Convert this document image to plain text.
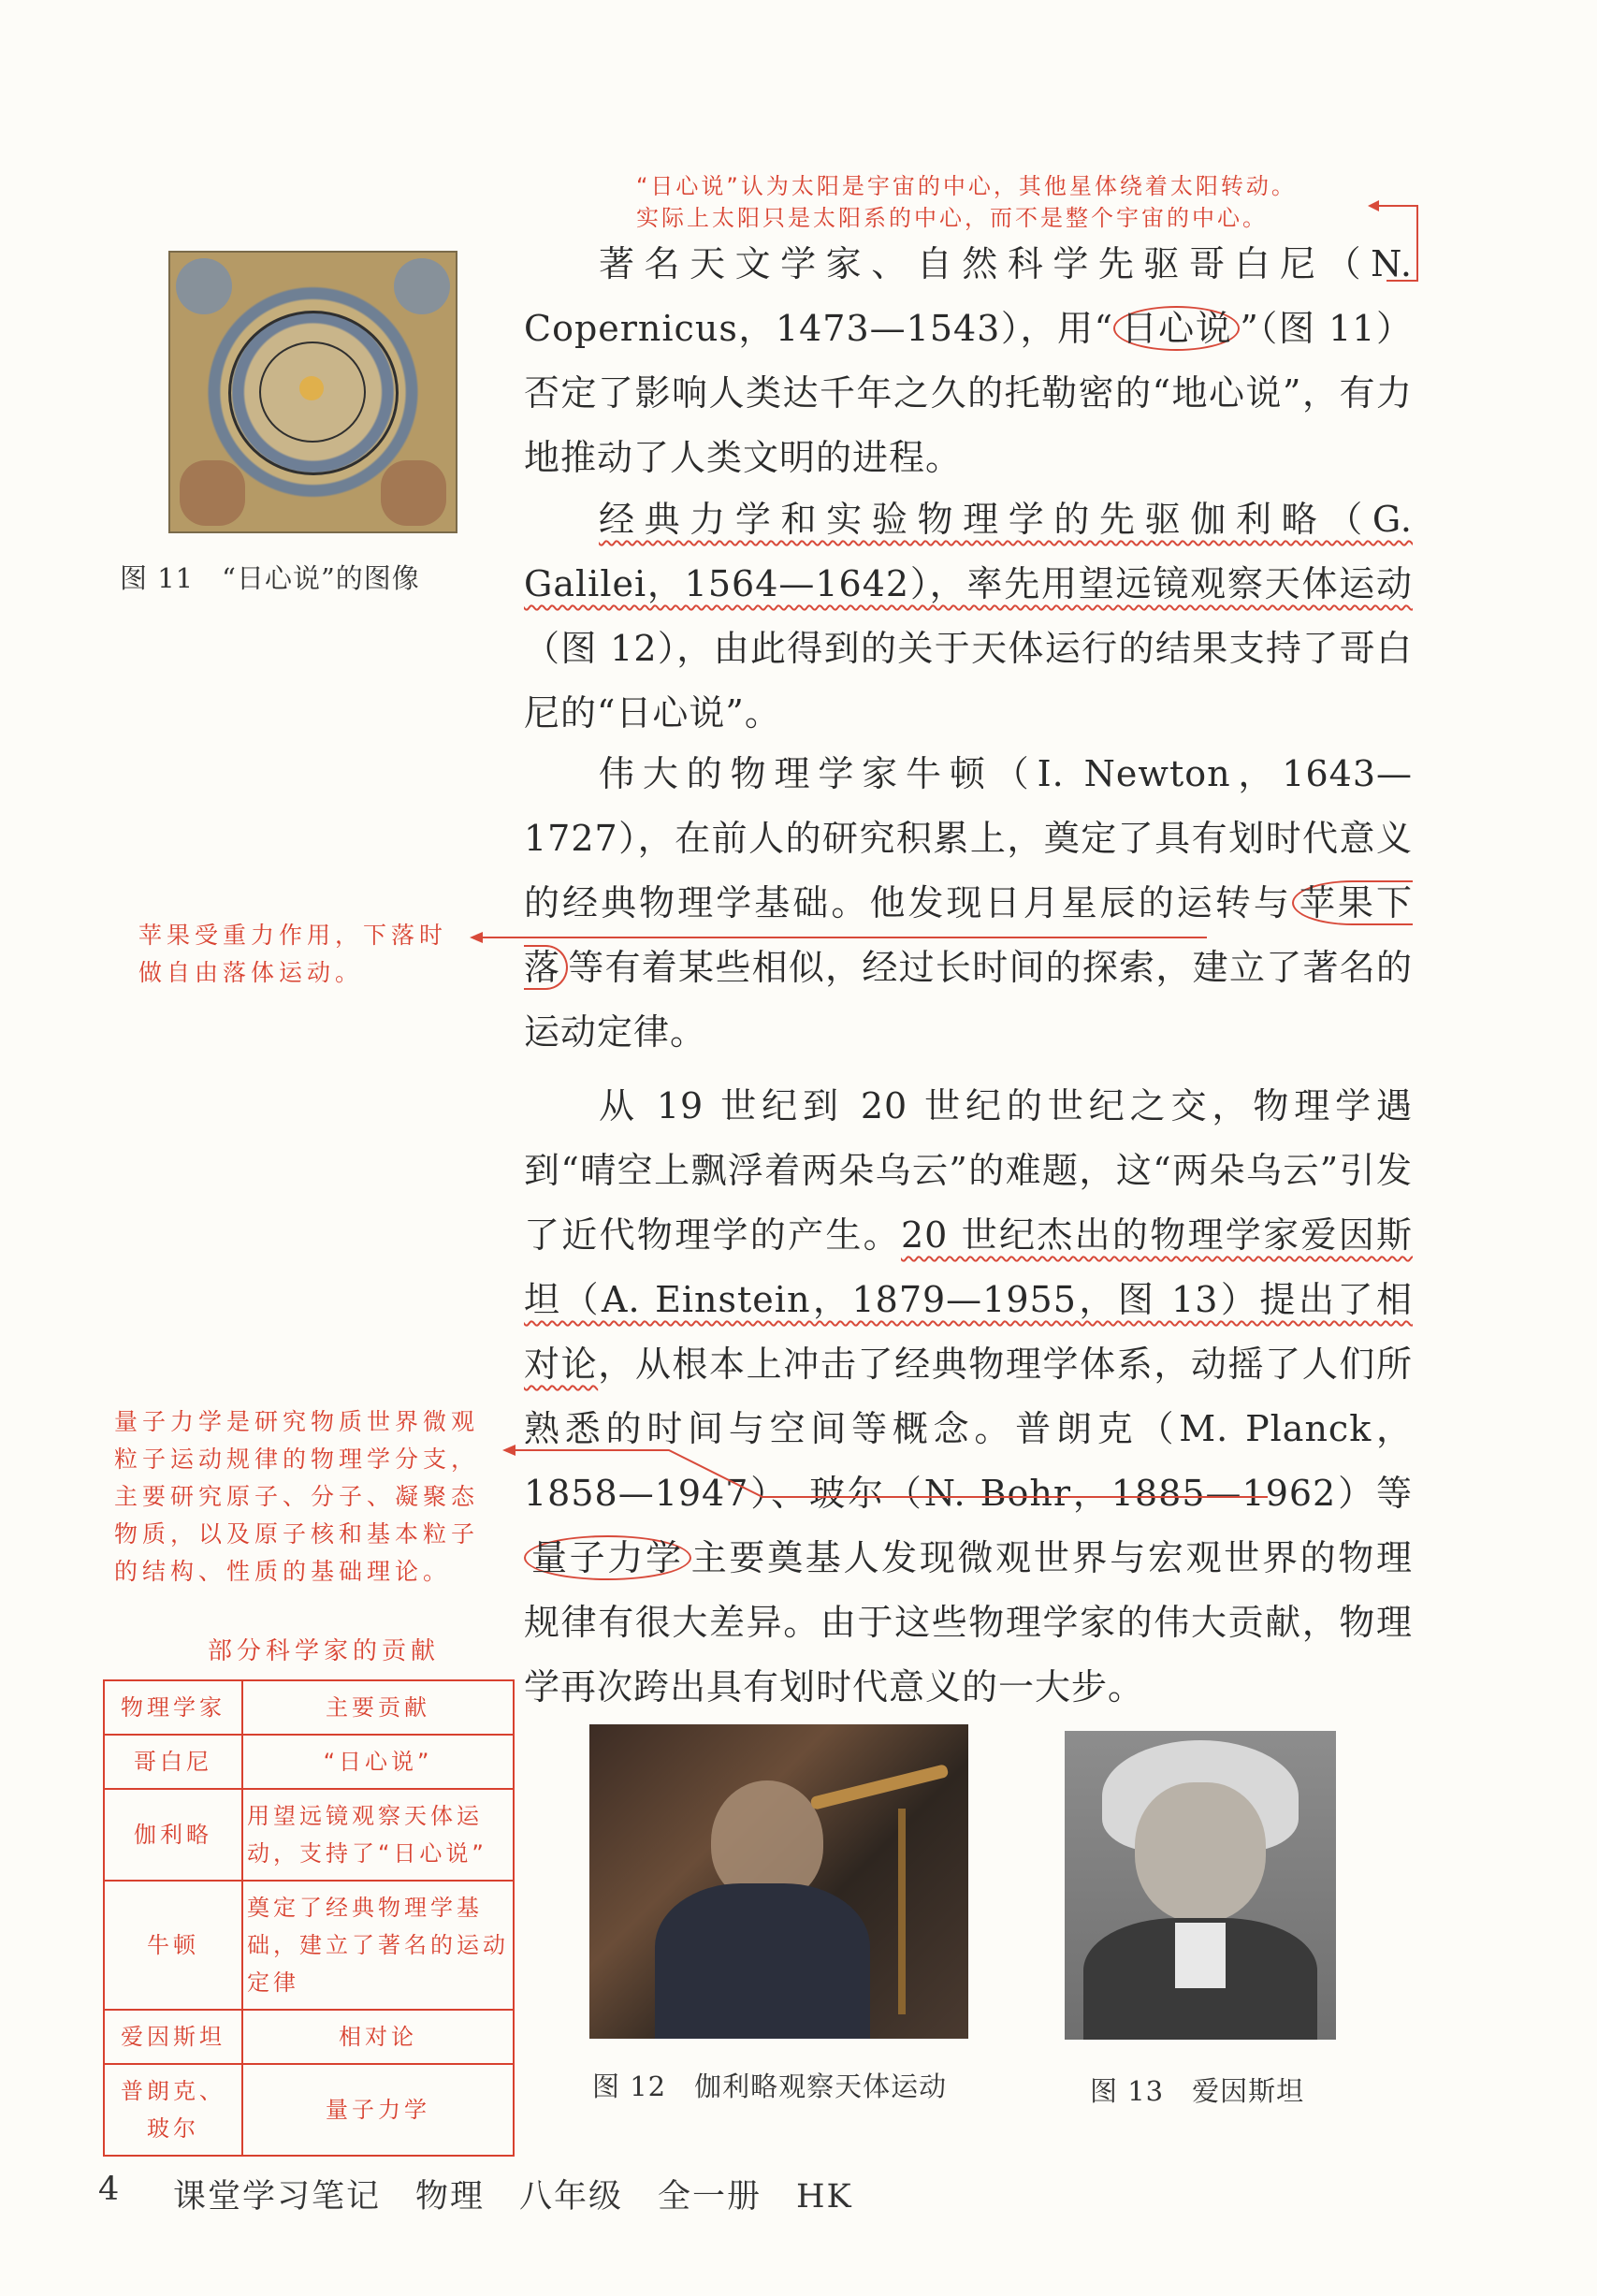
“日心说”认为太阳是宇宙的中心，其他星体绕着太阳转动。
实际上太阳只是太阳系的中心，而不是整个宇宙的中心。

图 11　“日心说”的图像

著名天文学家、自然科学先驱哥白尼（N. Copernicus，1473—1543），用“ 日心说 ”（图 11）否定了影响人类达千年之久的托勒密的“地心说”，有力地推动了人类文明的进程。

经典力学和实验物理学的先驱伽利略（G. Galilei，1564—1642），率先用望远镜观察天体运动（图 12），由此得到的关于天体运行的结果支持了哥白尼的“日心说”。

伟大的物理学家牛顿（I. Newton，1643—1727），在前人的研究积累上，奠定了具有划时代意义的经典物理学基础。他发现日月星辰的运转与 苹果下落 等有着某些相似，经过长时间的探索，建立了著名的运动定律。

苹果受重力作用，下落时
做自由落体运动。

从 19 世纪到 20 世纪的世纪之交，物理学遇到“晴空上飘浮着两朵乌云”的难题，这“两朵乌云”引发了近代物理学的产生。20 世纪杰出的物理学家爱因斯坦（A. Einstein，1879—1955，图 13）提出了相对论，从根本上冲击了经典物理学体系，动摇了人们所熟悉的时间与空间等概念。普朗克（M. Planck，1858—1947）、玻尔（N. Bohr，1885—1962）等量子力学 主要奠基人发现微观世界与宏观世界的物理规律有很大差异。由于这些物理学家的伟大贡献，物理学再次跨出具有划时代意义的一大步。

量子力学是研究物质世界微观
粒子运动规律的物理学分支，
主要研究原子、分子、凝聚态
物质，以及原子核和基本粒子
的结构、性质的基础理论。

部分科学家的贡献
物理学家	主要贡献
哥白尼	“日心说”
伽利略	用望远镜观察天体运动，支持了“日心说”
牛顿	奠定了经典物理学基础，建立了著名的运动定律
爱因斯坦	相对论
普朗克、玻尔	量子力学
图 12　伽利略观察天体运动	图 13　爱因斯坦
4 课堂学习笔记　物理　八年级　全一册　HK
